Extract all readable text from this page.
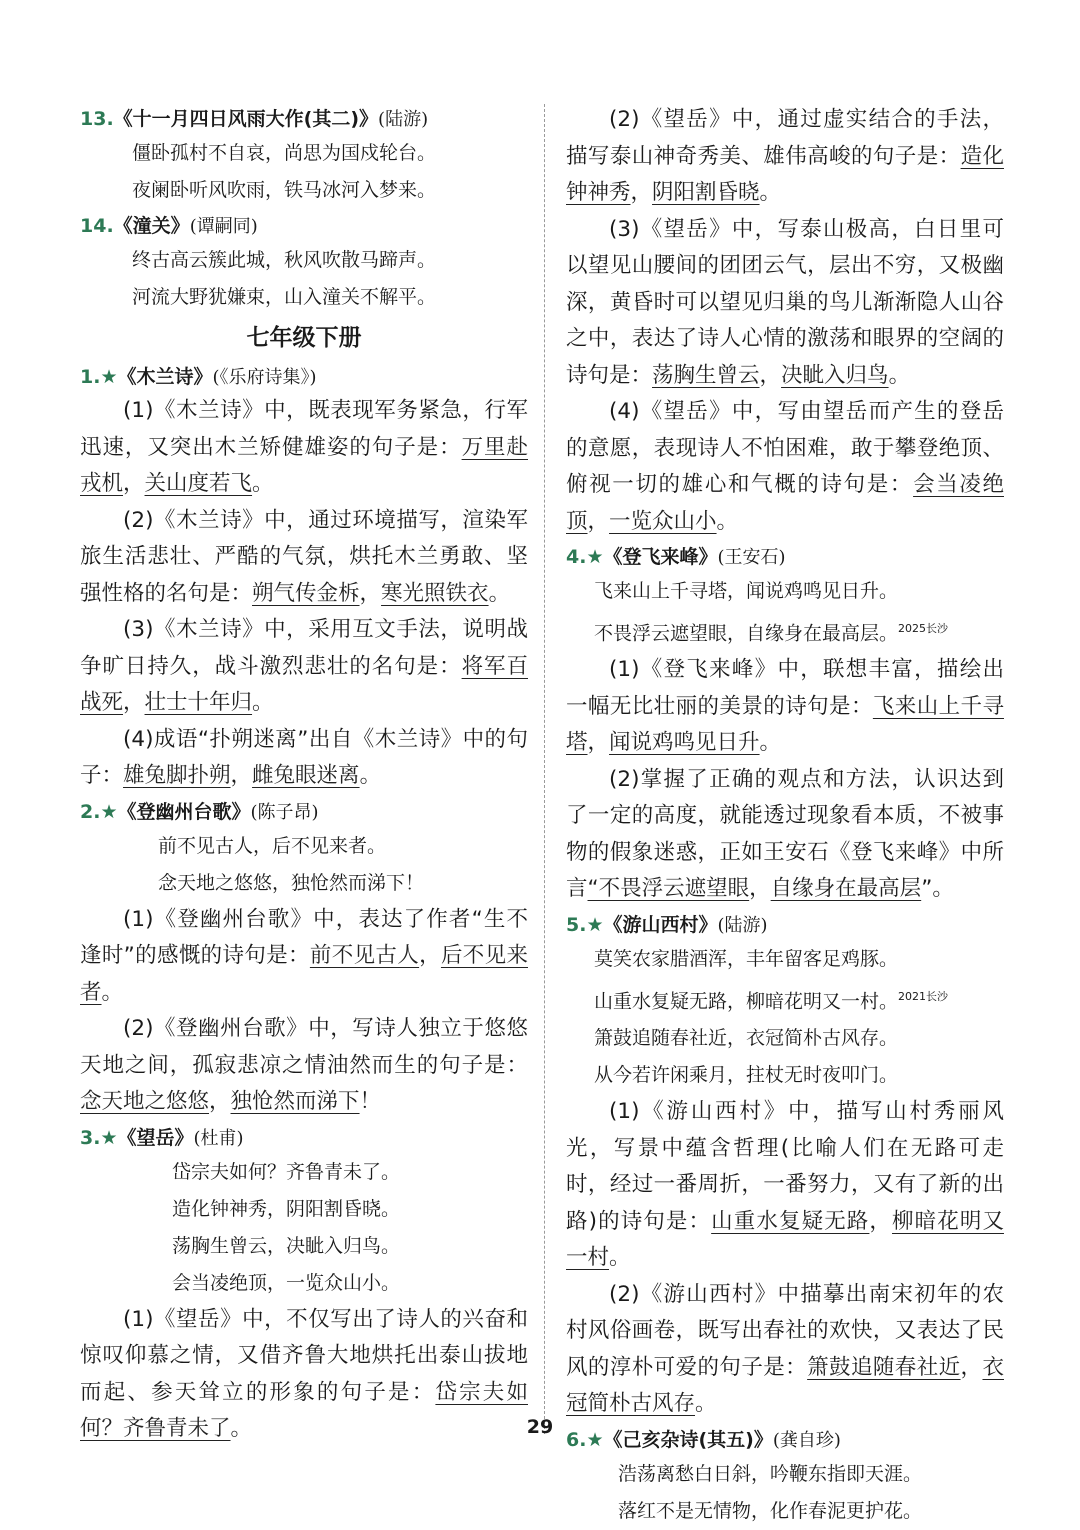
13.《十一月四日风雨大作(其二)》(陆游)
僵卧孤村不自哀，尚思为国戍轮台。
夜阑卧听风吹雨，铁马冰河入梦来。
14.《潼关》(谭嗣同)
终古高云簇此城，秋风吹散马蹄声。
河流大野犹嫌束，山入潼关不解平。
七年级下册
1.★《木兰诗》(《乐府诗集》)

(1)《木兰诗》中，既表现军务紧急，行军迅速，又突出木兰矫健雄姿的句子是：万里赴戎机，关山度若飞。

(2)《木兰诗》中，通过环境描写，渲染军旅生活悲壮、严酷的气氛，烘托木兰勇敢、坚强性格的名句是：朔气传金柝，寒光照铁衣。

(3)《木兰诗》中，采用互文手法，说明战争旷日持久，战斗激烈悲壮的名句是：将军百战死，壮士十年归。

(4)成语“扑朔迷离”出自《木兰诗》中的句子：雄兔脚扑朔，雌兔眼迷离。

2.★《登幽州台歌》(陈子昂)
前不见古人，后不见来者。
念天地之悠悠，独怆然而涕下！

(1)《登幽州台歌》中，表达了作者“生不逢时”的感慨的诗句是：前不见古人，后不见来者。

(2)《登幽州台歌》中，写诗人独立于悠悠天地之间，孤寂悲凉之情油然而生的句子是：念天地之悠悠，独怆然而涕下！

3.★《望岳》(杜甫)
岱宗夫如何？齐鲁青未了。
造化钟神秀，阴阳割昏晓。
荡胸生曾云，决眦入归鸟。
会当凌绝顶，一览众山小。

(1)《望岳》中，不仅写出了诗人的兴奋和惊叹仰慕之情，又借齐鲁大地烘托出泰山拔地而起、参天耸立的形象的句子是：岱宗夫如何？齐鲁青未了。

(2)《望岳》中，通过虚实结合的手法，描写泰山神奇秀美、雄伟高峻的句子是：造化钟神秀，阴阳割昏晓。

(3)《望岳》中，写泰山极高，白日里可以望见山腰间的团团云气，层出不穷，又极幽深，黄昏时可以望见归巢的鸟儿渐渐隐人山谷之中，表达了诗人心情的激荡和眼界的空阔的诗句是：荡胸生曾云，决眦入归鸟。

(4)《望岳》中，写由望岳而产生的登岳的意愿，表现诗人不怕困难，敢于攀登绝顶、俯视一切的雄心和气概的诗句是：会当凌绝顶，一览众山小。

4.★《登飞来峰》(王安石)
飞来山上千寻塔，闻说鸡鸣见日升。
不畏浮云遮望眼，自缘身在最高层。$^{2025长沙}$

(1)《登飞来峰》中，联想丰富，描绘出一幅无比壮丽的美景的诗句是：飞来山上千寻塔，闻说鸡鸣见日升。

(2)掌握了正确的观点和方法，认识达到了一定的高度，就能透过现象看本质，不被事物的假象迷惑，正如王安石《登飞来峰》中所言“不畏浮云遮望眼，自缘身在最高层”。

5.★《游山西村》(陆游)
莫笑农家腊酒浑，丰年留客足鸡豚。
山重水复疑无路，柳暗花明又一村。$^{2021长沙}$
箫鼓追随春社近，衣冠简朴古风存。
从今若许闲乘月，拄杖无时夜叩门。

(1)《游山西村》中，描写山村秀丽风光，写景中蕴含哲理(比喻人们在无路可走时，经过一番周折，一番努力，又有了新的出路)的诗句是：山重水复疑无路，柳暗花明又一村。

(2)《游山西村》中描摹出南宋初年的农村风俗画卷，既写出春社的欢快，又表达了民风的淳朴可爱的句子是：箫鼓追随春社近，衣冠简朴古风存。

6.★《己亥杂诗(其五)》(龚自珍)
浩荡离愁白日斜，吟鞭东指即天涯。
落红不是无情物，化作春泥更护花。
29
